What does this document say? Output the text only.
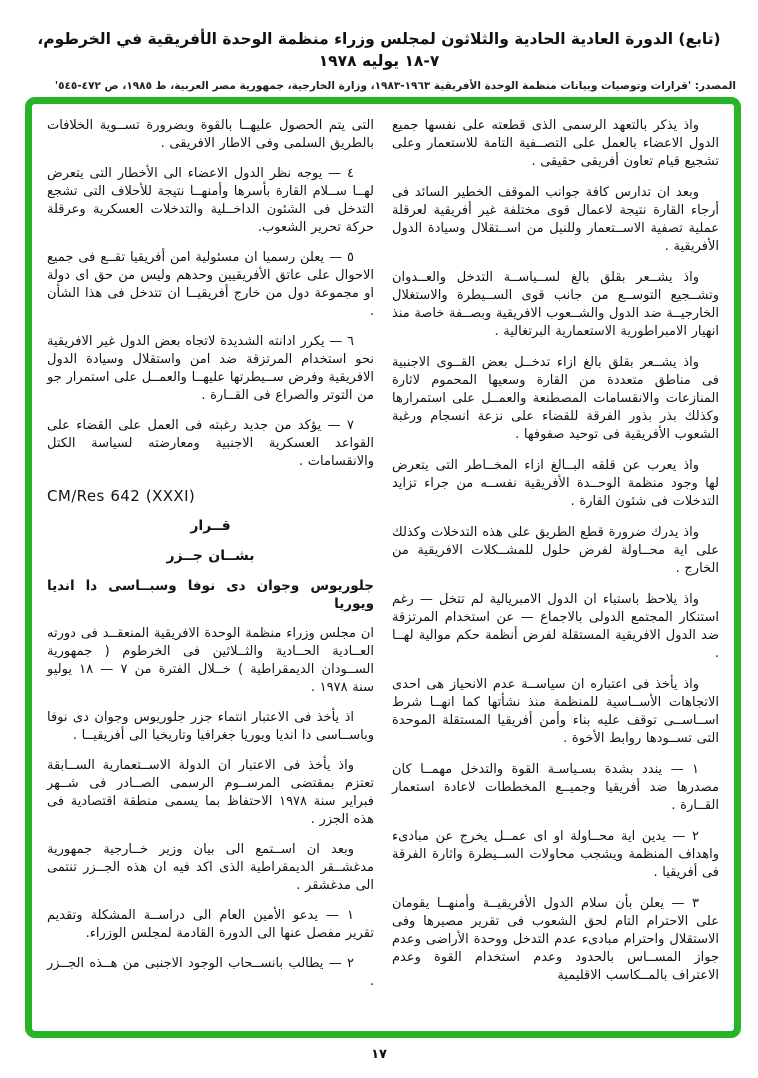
(تابع) الدورة العادية الحادية والثلاثون لمجلس وزراء منظمة الوحدة الأفريقية في الخرطوم، ٧-١٨ يوليه ١٩٧٨
المصدر: 'قرارات وتوصيات وبيانات منظمة الوحدة الأفريقية ١٩٦٣-١٩٨٣، وزارة الخارجية، جمهورية مصر العربية، ط ١٩٨٥، ص ٤٧٢-٥٤٥'

واذ يذكر بالتعهد الرسمى الذى قطعته على نفسها جميع الدول الاعضاء بالعمل على التصــفية التامة للاستعمار وعلى تشجيع قيام تعاون أفريقى حقيقى .

وبعد ان تدارس كافة جوانب الموقف الخطير السائد فى أرجاء القارة نتيجة لاعمال قوى مختلفة غير أفريقية لعرقلة عملية تصفية الاســتعمار وللنيل من اســتقلال وسيادة الدول الأفريقية .

واذ يشــعر بقلق بالغ لســياســة التدخل والعــدوان وتشــجيع التوســع من جانب قوى الســيطرة والاستغلال الخارجيــة ضد الدول والشــعوب الافريقية وبصــفة خاصة منذ انهيار الامبراطورية الاستعمارية البرتغالية .

واذ يشــعر بقلق بالغ ازاء تدخــل بعض القــوى الاجنبية فى مناطق متعددة من القارة وسعيها المحموم لاثارة المنازعات والانقسامات المصطنعة والعمــل على استمرارها وكذلك بذر بذور الفرقة للقضاء على نزعة انسجام ورغبة الشعوب الأفريقية فى توحيد صفوفها .

واذ يعرب عن قلقه البــالغ ازاء المخــاطر التى يتعرض لها وجود منظمة الوحــدة الأفريقية نفســه من جراء تزايد التدخلات فى شئون القارة .

واذ يدرك ضرورة قطع الطريق على هذه التدخلات وكذلك على اية محــاولة لفرض حلول للمشــكلات الافريقية من الخارج .

واذ يلاحظ باستياء ان الدول الامبريالية لم تتخل — رغم استنكار المجتمع الدولى بالاجماع — عن استخدام المرتزقة ضد الدول الافريقية المستقلة لفرض أنظمة حكم موالية لهــا .

واذ يأخذ فى اعتباره ان سياســة عدم الانحياز هى احدى الاتجاهات الأســاسية للمنظمة منذ نشأتها كما انهــا شرط اســاســى توقف عليه بناء وأمن أفريقيا المستقلة الموحدة التى تســودها روابط الأخوة .

١ — يندد بشدة بسـياسـة القوة والتدخل مهمــا كان مصدرها ضد أفريقيا وجميــع المخططات لاعادة استعمار القــارة .

٢ — يدين اية محــاولة او اى عمــل يخرج عن مبادىء واهداف المنظمة ويشجب محاولات الســيطرة واثارة الفرقة فى أفريقيا .

٣ — يعلن بأن سلام الدول الأفريقيــة وأمنهــا يقومان على الاحترام التام لحق الشعوب فى تقرير مصيرها وفى الاستقلال واحترام مبادىء عدم التدخل ووحدة الأراضى وعدم جواز المســاس بالحدود وعدم استخدام القوة وعدم الاعتراف بالمــكاسب الاقليمية

التى يتم الحصول عليهــا بالقوة وبضرورة تســوية الخلافات بالطريق السلمى وفى الاطار الافريقى .

٤ — يوجه نظر الدول الاعضاء الى الأخطار التى يتعرض لهــا ســلام القارة بأسرها وأمنهــا نتيجة للأحلاف التى تشجع التدخل فى الشئون الداخــلية والتدخلات العسكرية وعرقلة حركة تحرير الشعوب.

٥ — يعلن رسميا ان مسئولية امن أفريقيا تقــع فى جميع الاحوال على عاتق الأفريقيين وحدهم وليس من حق اى دولة او مجموعة دول من خارج أفريقيــا ان تتدخل فى هذا الشأن .

٦ — يكرر ادانته الشديدة لاتجاه بعض الدول غير الافريقية نحو استخدام المرتزقة ضد امن واستقلال وسيادة الدول الافريقية وفرض ســيطرتها عليهــا والعمــل على استمرار جو من التوتر والصراع فى القــارة .

٧ — يؤكد من جديد رغبته فى العمل على القضاء على القواعد العسكرية الاجنبية ومعارضته لسياسة الكتل والانقسامات .

CM/Res 642 (XXXI)

قــرار

بشــان جــزر

جلوريوس وجوان دى نوفا وسبــاسى دا انديا ويوريا

ان مجلس وزراء منظمة الوحدة الافريقية المنعقــد فى دورته العــادية الحــادية والثــلاثين فى الخرطوم ( جمهورية الســودان الديمقراطية ) خــلال الفترة من ٧ — ١٨ يوليو سنة ١٩٧٨ .

اذ يأخذ فى الاعتبار انتماء جزر جلوريوس وجوان دى نوفا وباســاسى دا انديا ويوريا جغرافيا وتاريخيا الى أفريقيــا .

واذ يأخذ فى الاعتبار ان الدولة الاســتعمارية الســابقة تعتزم بمقتضى المرســوم الرسمى الصــادر فى شــهر فبراير سنة ١٩٧٨ الاحتفاظ بما يسمى منطقة اقتصادية فى هذه الجزر .

وبعد ان اســتمع الى بيان وزير خــارجية جمهورية مدغشــقر الديمقراطية الذى اكد فيه ان هذه الجــزر تنتمى الى مدغشقر .

١ — يدعو الأمين العام الى دراســة المشكلة وتقديم تقرير مفصل عنها الى الدورة القادمة لمجلس الوزراء.

٢ — يطالب بانســحاب الوجود الاجنبى من هــذه الجــزر .

١٧
